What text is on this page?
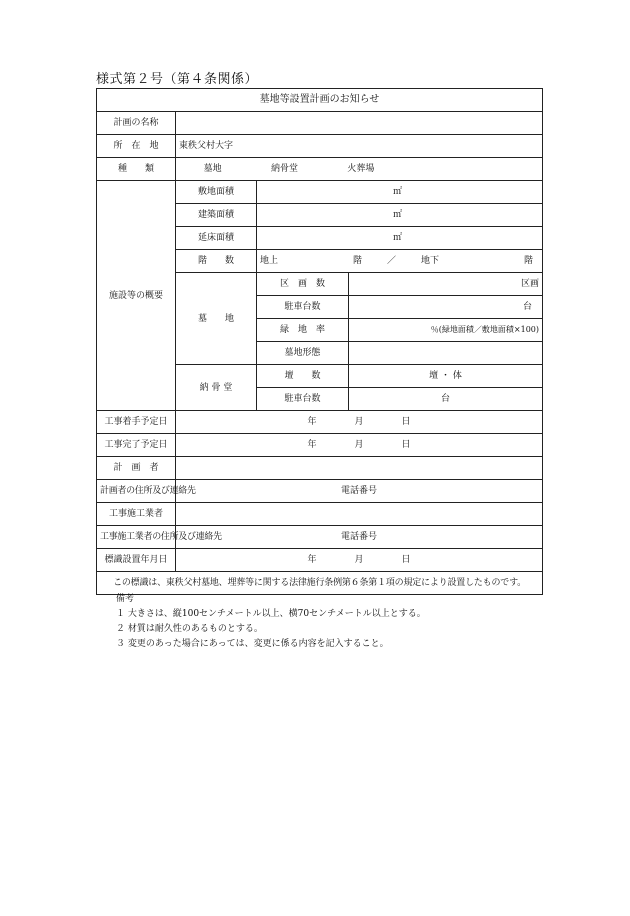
様式第２号（第４条関係）
墓地等設置計画のお知らせ			
計画の名称			
所　在　地	東秩父村大字		
種　　類	墓地 納骨堂 火葬場		

施設等の概要	敷地面積	㎡	
	建築面積	㎡	
	延床面積	㎡	
	階　　数	地上 階 ／ 地下 階	

	墓　　地	区　画　数	区画
		駐車台数	台
		緑　地　率	％(緑地面積／敷地面積×100)
		墓地形態	
	納 骨 堂	壇　　数	壇 ・ 体
		駐車台数	台
工事着手予定日	年 月 日		

工事完了予定日	年 月 日		

計　画　者			
計画者の住所及び連絡先	電話番号		
工事施工業者			
工事施工業者の住所及び連絡先	電話番号		
標識設置年月日	年 月 日		

この標識は、東秩父村墓地、埋葬等に関する法律施行条例第６条第１項の規定により設置したものです。			
備考
１ 大きさは、縦100センチメートル以上、横70センチメートル以上とする。
２ 材質は耐久性のあるものとする。
３ 変更のあった場合にあっては、変更に係る内容を記入すること。
